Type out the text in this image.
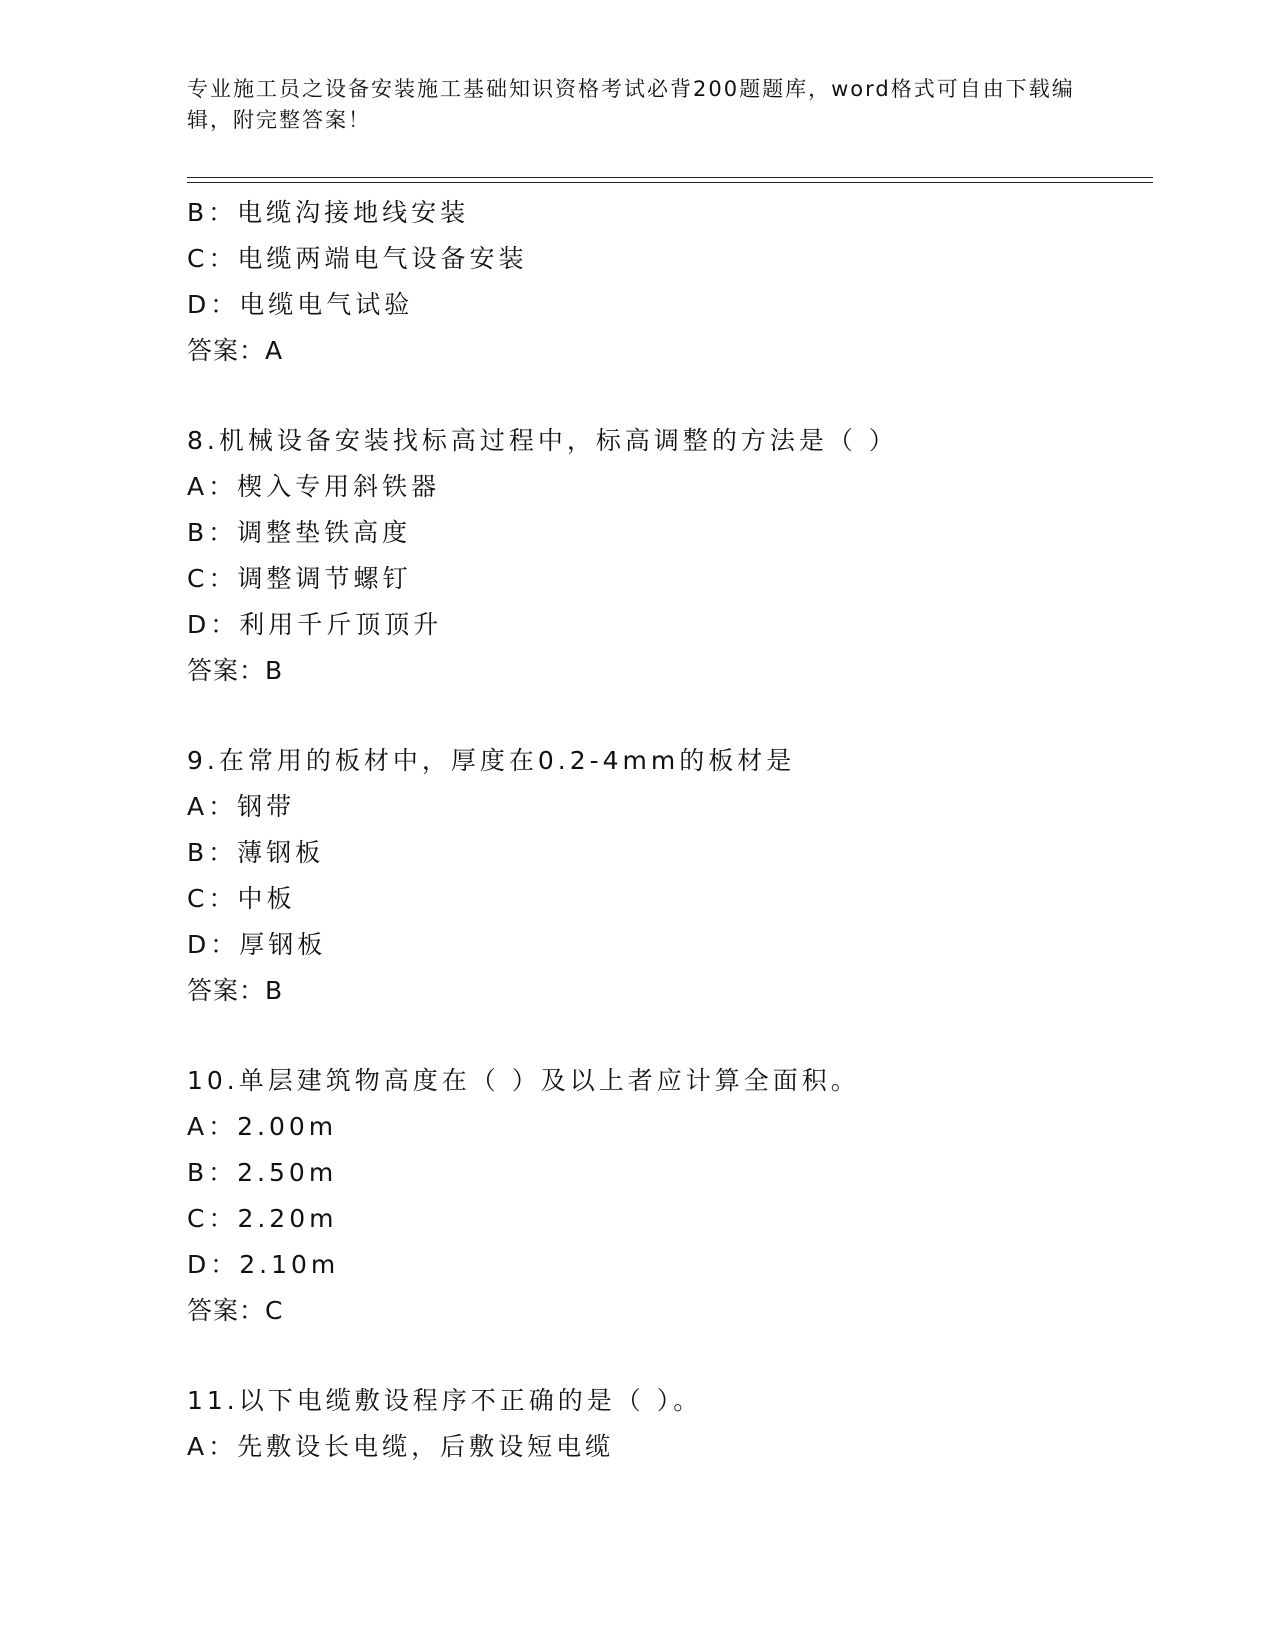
专业施工员之设备安装施工基础知识资格考试必背200题题库，word格式可自由下载编辑，附完整答案！
B：电缆沟接地线安装
C：电缆两端电气设备安装
D：电缆电气试验
答案：A
8.机械设备安装找标高过程中，标高调整的方法是（ ）
A：楔入专用斜铁器
B：调整垫铁高度
C：调整调节螺钉
D：利用千斤顶顶升
答案：B
9.在常用的板材中，厚度在0.2-4mm的板材是
A：钢带
B：薄钢板
C：中板
D：厚钢板
答案：B
10.单层建筑物高度在（ ）及以上者应计算全面积。
A：2.00m
B：2.50m
C：2.20m
D：2.10m
答案：C
11.以下电缆敷设程序不正确的是（ ）。
A：先敷设长电缆，后敷设短电缆
